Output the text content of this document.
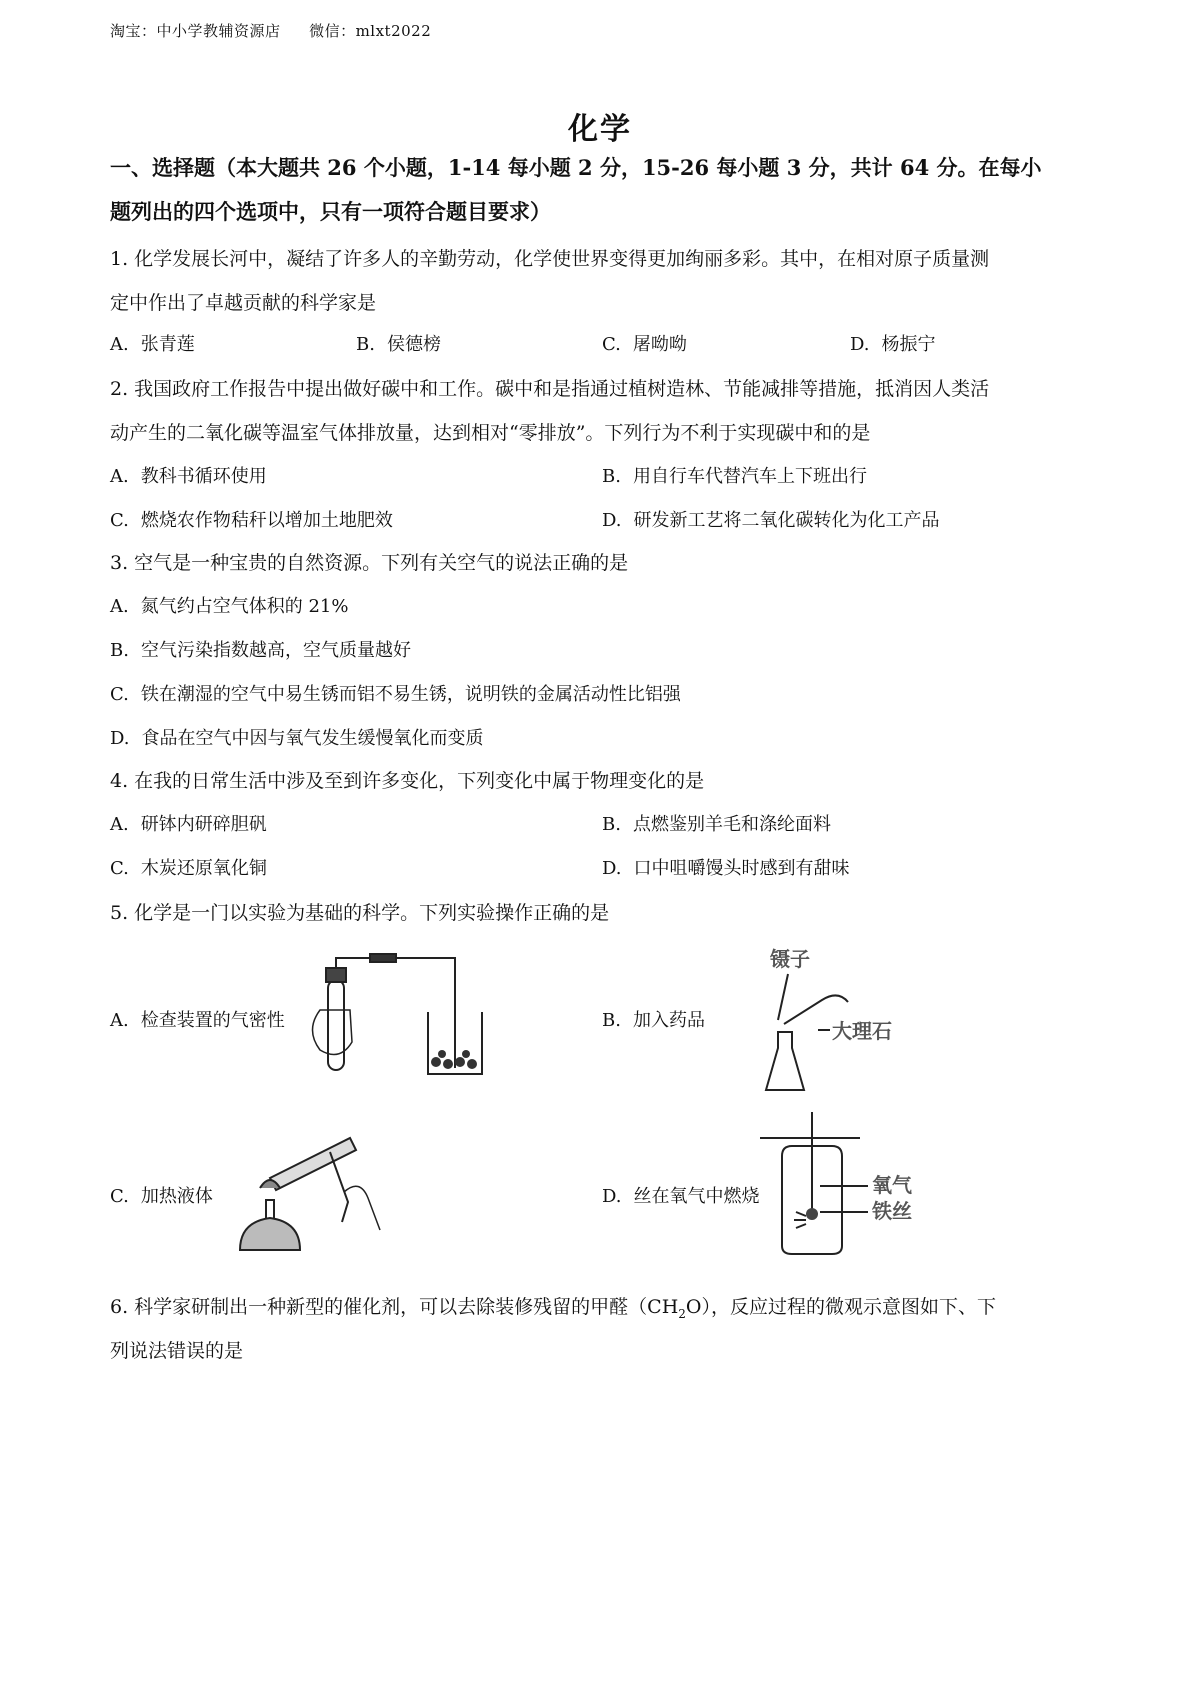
淘宝：中小学教辅资源店 微信：mlxt2022
化学
一、选择题（本大题共 26 个小题，1-14 每小题 2 分，15-26 每小题 3 分，共计 64 分。在每小
题列出的四个选项中，只有一项符合题目要求）
1. 化学发展长河中，凝结了许多人的辛勤劳动，化学使世界变得更加绚丽多彩。其中，在相对原子质量测
定中作出了卓越贡献的科学家是
A. 张青莲	B. 侯德榜	C. 屠呦呦	D. 杨振宁
2. 我国政府工作报告中提出做好碳中和工作。碳中和是指通过植树造林、节能减排等措施，抵消因人类活
动产生的二氧化碳等温室气体排放量，达到相对“零排放”。下列行为不利于实现碳中和的是
A. 教科书循环使用	B. 用自行车代替汽车上下班出行
C. 燃烧农作物秸秆以增加土地肥效	D. 研发新工艺将二氧化碳转化为化工产品
3. 空气是一种宝贵的自然资源。下列有关空气的说法正确的是
A. 氮气约占空气体积的 21%
B. 空气污染指数越高，空气质量越好
C. 铁在潮湿的空气中易生锈而铝不易生锈，说明铁的金属活动性比铝强
D. 食品在空气中因与氧气发生缓慢氧化而变质
4. 在我的日常生活中涉及至到许多变化，下列变化中属于物理变化的是
A. 研钵内研碎胆矾	B. 点燃鉴别羊毛和涤纶面料
C. 木炭还原氧化铜	D. 口中咀嚼馒头时感到有甜味
5. 化学是一门以实验为基础的科学。下列实验操作正确的是
A. 检查装置的气密性	B. 加入药品
C. 加热液体	D. 丝在氧气中燃烧
镊子
大理石
氧气
铁丝
6. 科学家研制出一种新型的催化剂，可以去除装修残留的甲醛$(CH_2O)$，反应过程的微观示意图如下、下
列说法错误的是
